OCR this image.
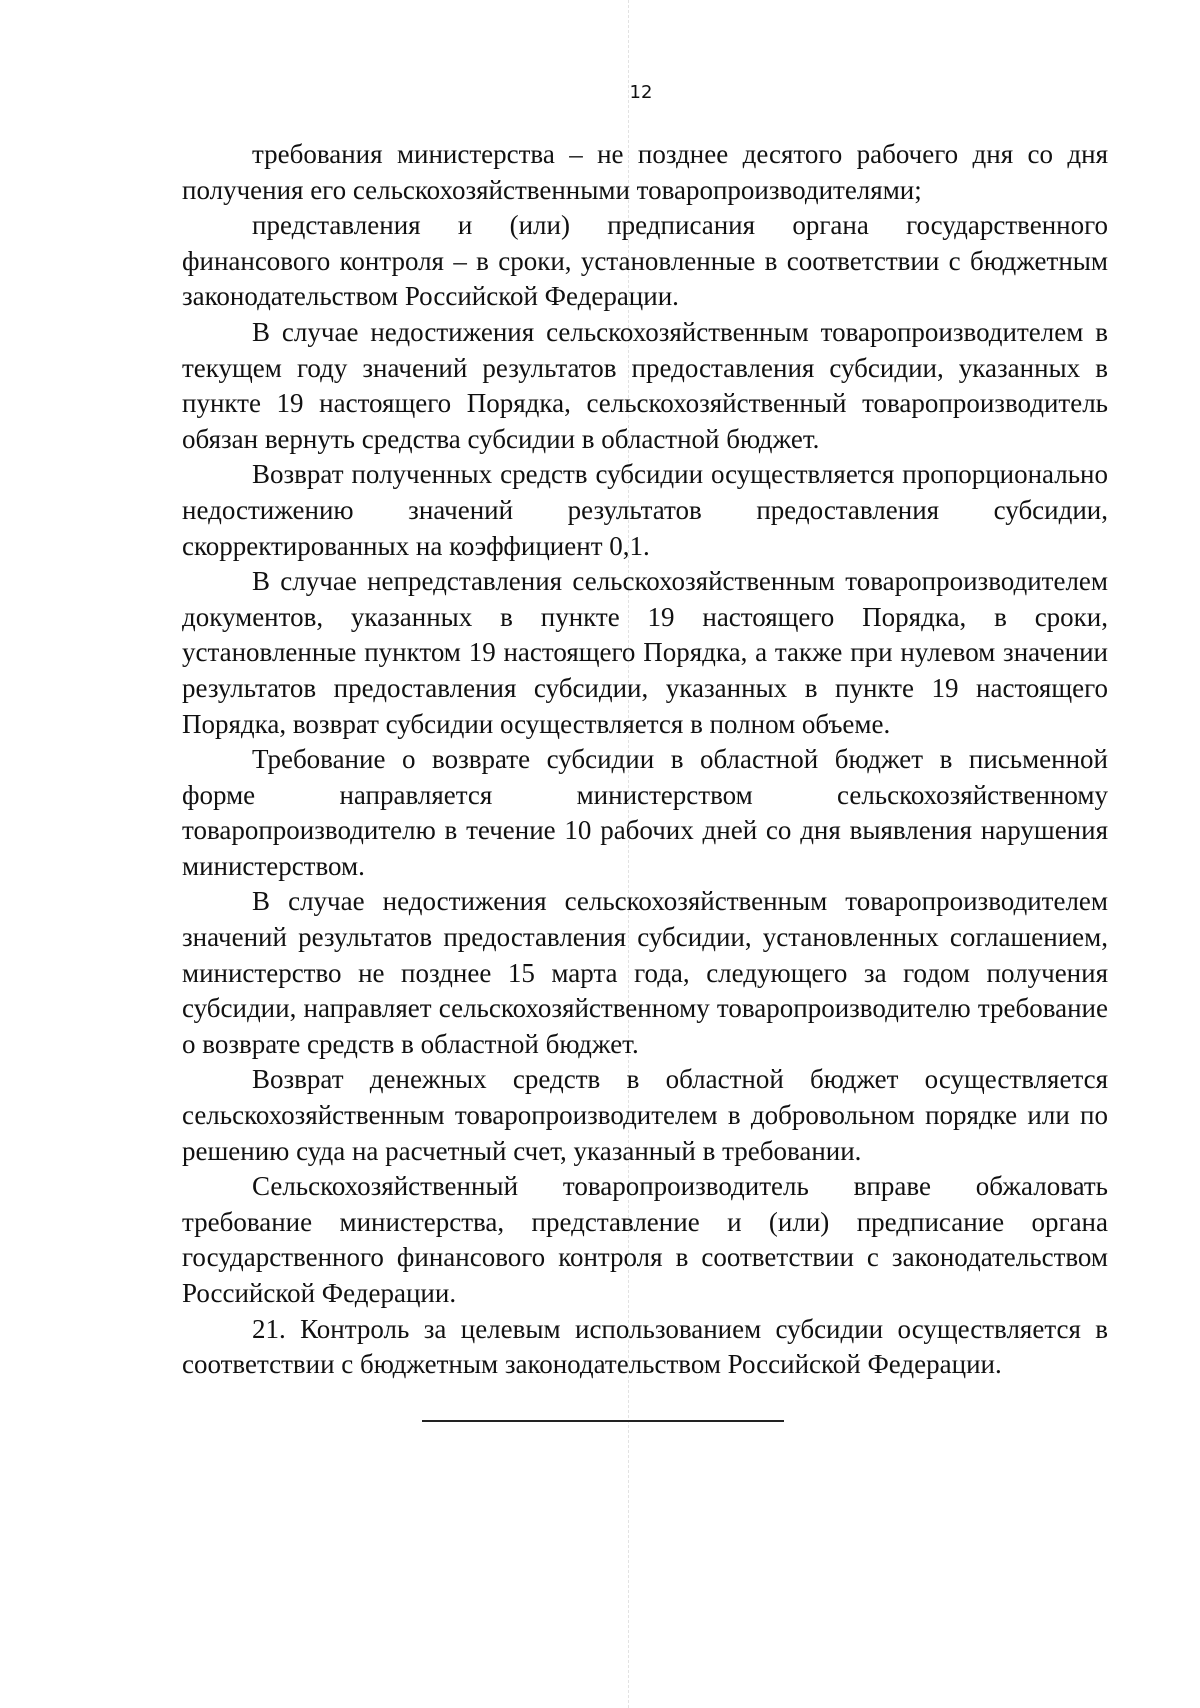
12

требования министерства – не позднее десятого рабочего дня со дня получения его сельскохозяйственными товаропроизводителями;

представления и (или) предписания органа государственного финансового контроля – в сроки, установленные в соответствии с бюджетным законодательством Российской Федерации.

В случае недостижения сельскохозяйственным товаропроизводителем в текущем году значений результатов предоставления субсидии, указанных в пункте 19 настоящего Порядка, сельскохозяйственный товаропроизводитель обязан вернуть средства субсидии в областной бюджет.

Возврат полученных средств субсидии осуществляется пропорционально недостижению значений результатов предоставления субсидии, скорректированных на коэффициент 0,1.

В случае непредставления сельскохозяйственным товаропроизводителем документов, указанных в пункте 19 настоящего Порядка, в сроки, установленные пунктом 19 настоящего Порядка, а также при нулевом значении результатов предоставления субсидии, указанных в пункте 19 настоящего Порядка, возврат субсидии осуществляется в полном объеме.

Требование о возврате субсидии в областной бюджет в письменной форме направляется министерством сельскохозяйственному товаропроизводителю в течение 10 рабочих дней со дня выявления нарушения министерством.

В случае недостижения сельскохозяйственным товаропроизводителем значений результатов предоставления субсидии, установленных соглашением, министерство не позднее 15 марта года, следующего за годом получения субсидии, направляет сельскохозяйственному товаропроизводителю требование о возврате средств в областной бюджет.

Возврат денежных средств в областной бюджет осуществляется сельскохозяйственным товаропроизводителем в добровольном порядке или по решению суда на расчетный счет, указанный в требовании.

Сельскохозяйственный товаропроизводитель вправе обжаловать требование министерства, представление и (или) предписание органа государственного финансового контроля в соответствии с законодательством Российской Федерации.

21. Контроль за целевым использованием субсидии осуществляется в соответствии с бюджетным законодательством Российской Федерации.
